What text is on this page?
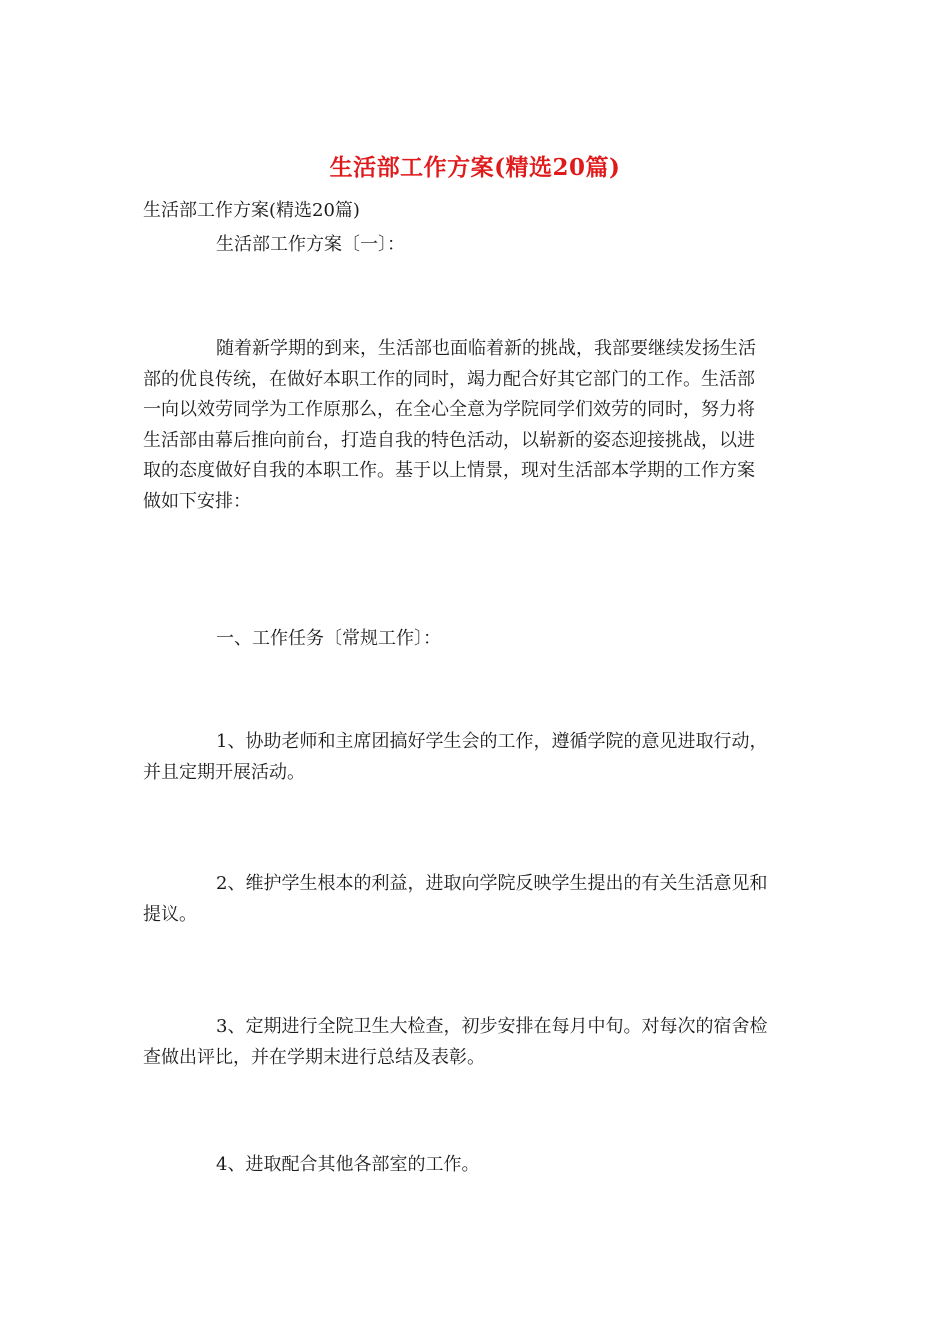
生活部工作方案(精选20篇)
生活部工作方案(精选20篇)
生活部工作方案〔一〕：
随着新学期的到来，生活部也面临着新的挑战，我部要继续发扬生活
部的优良传统，在做好本职工作的同时，竭力配合好其它部门的工作。生活部
一向以效劳同学为工作原那么，在全心全意为学院同学们效劳的同时，努力将
生活部由幕后推向前台，打造自我的特色活动，以崭新的姿态迎接挑战，以进
取的态度做好自我的本职工作。基于以上情景，现对生活部本学期的工作方案
做如下安排：
一、工作任务〔常规工作〕：
1、协助老师和主席团搞好学生会的工作，遵循学院的意见进取行动，
并且定期开展活动。
2、维护学生根本的利益，进取向学院反映学生提出的有关生活意见和
提议。
3、定期进行全院卫生大检查，初步安排在每月中旬。对每次的宿舍检
查做出评比，并在学期末进行总结及表彰。
4、进取配合其他各部室的工作。
